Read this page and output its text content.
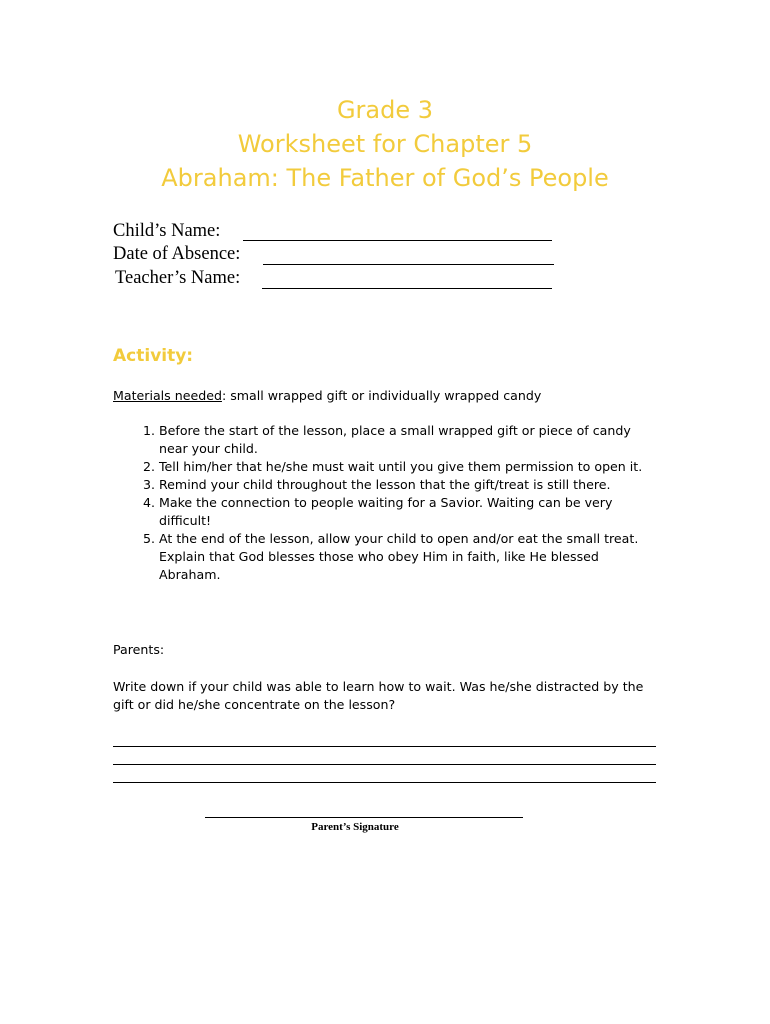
Grade 3
Worksheet for Chapter 5
Abraham: The Father of God’s People
Child’s Name:
Date of Absence:
Teacher’s Name:
Activity:
Materials needed: small wrapped gift or individually wrapped candy
1. Before the start of the lesson, place a small wrapped gift or piece of candy near your child.
2. Tell him/her that he/she must wait until you give them permission to open it.
3. Remind your child throughout the lesson that the gift/treat is still there.
4. Make the connection to people waiting for a Savior. Waiting can be very difficult!
5. At the end of the lesson, allow your child to open and/or eat the small treat. Explain that God blesses those who obey Him in faith, like He blessed Abraham.
Parents:
Write down if your child was able to learn how to wait. Was he/she distracted by the gift or did he/she concentrate on the lesson?
Parent’s Signature
